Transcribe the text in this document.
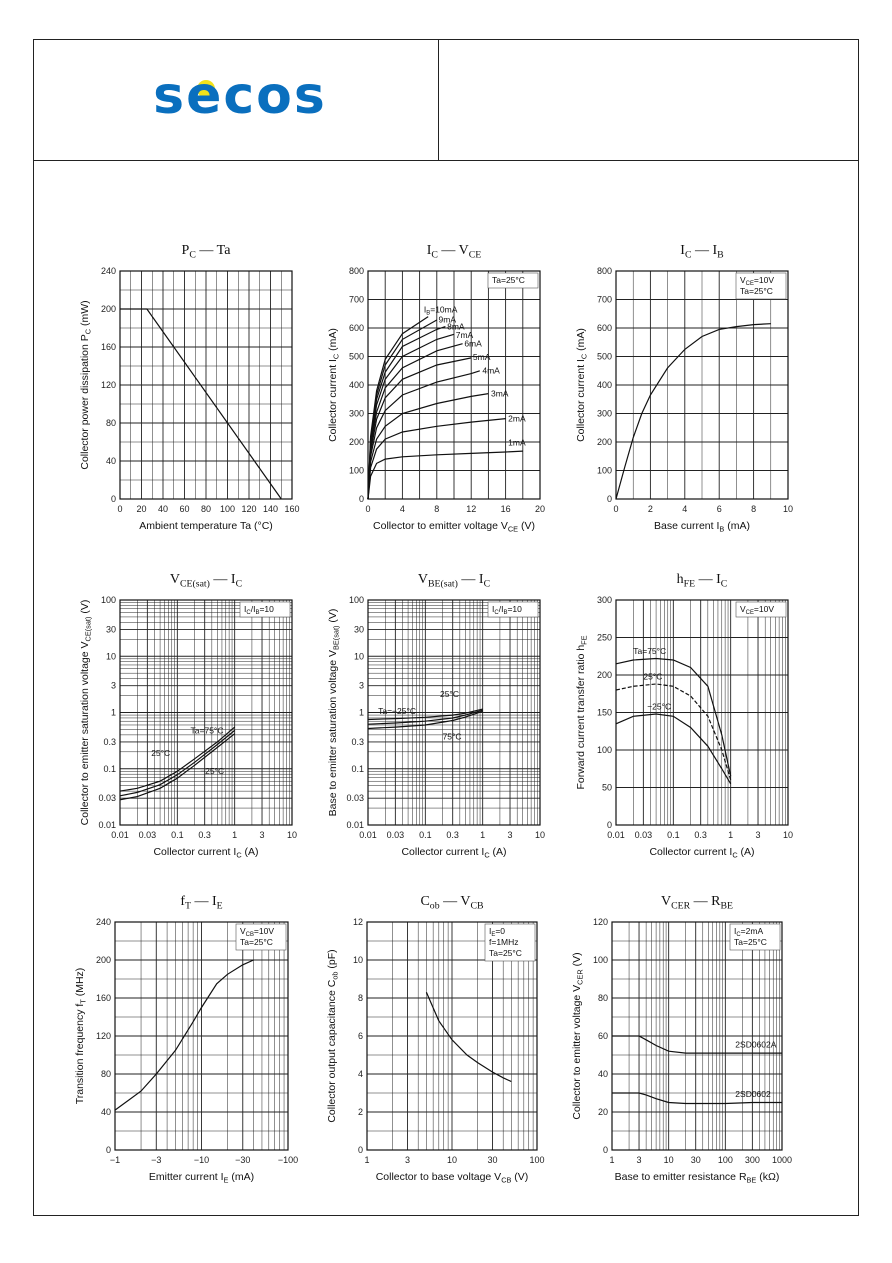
secos
0 20 40 60 80 100 120 140 160
0
40
80
120
160
200
240
$P_C$ — Ta
Ambient temperature Ta (°C)
Collector power dissipation $P_C$ (mW)
0	4	8	12	16	20
0
100
200
300
400
500
600
700
800
$I_C$ — $V_{CE}$
Collector to emitter voltage $V_{CE}$ (V)
Collector current $I_C$ (mA)
Ta=25°C
1mA
2mA
3mA
4mA
5mA
6mA
7mA
8mA
9mA
$I_B=10mA$
0	2	4	6	8	10
0
100
200
300
400
500
600
700
800
$I_C$ — $I_B$
Base current $I_B$ (mA)
Collector current $I_C$ (mA)
$V_{CE}=10V$
Ta=25°C
0.01 0.03 0.1 0.3 1 3 10
0.01
0.03
0.1
0.3
1
3
10
30
100
$V_{CE(sat)}$ — $I_C$
Collector current $I_C$ (A)
Collector to emitter saturation voltage $V_{CE(sat)}$ (V)	$I_C/I_B=10$
Ta=75°C
25°C
−25°C
0.01 0.03 0.1 0.3 1 3 10
0.01
0.03
0.1
0.3
1
3
10
30
100
$V_{BE(sat)}$ — $I_C$
Collector current $I_C$ (A)
Base to emitter saturation voltage $V_{BE(sat)}$ (V)	$I_C/I_B=10$
Ta=−25°C
25°C
75°C
0.01 0.03 0.1 0.3 1 3 10
0
50
100
150
200
250
300
$h_{FE}$ — $I_C$
Collector current $I_C$ (A)
Forward current transfer ratio $h_{FE}$
$V_{CE}=10V$
Ta=75°C
25°C
−25°C
−1	−3	−10	−30	−100
0
40
80
120
160
200
240
$f_T$ — $I_E$
Emitter current $I_E$ (mA)
Transition frequency $f_T$ (MHz)
$V_{CB}=10V$
Ta=25°C
1	3	10	30	100
0
2
4
6
8
10
12
$C_{ob}$ — $V_{CB}$
Collector to base voltage $V_{CB}$ (V)
Collector output capacitance $C_{ob}$ (pF)
$I_E=0$
f=1MHz
Ta=25°C
1 3 10 30 100 300 1000
0
20
40
60
80
100
120
$V_{CER}$ — $R_{BE}$
Base to emitter resistance $R_{BE}$ (kΩ)
Collector to emitter voltage $V_{CER}$ (V)
$I_C=2mA$
Ta=25°C
2SD0602A
2SD0602
